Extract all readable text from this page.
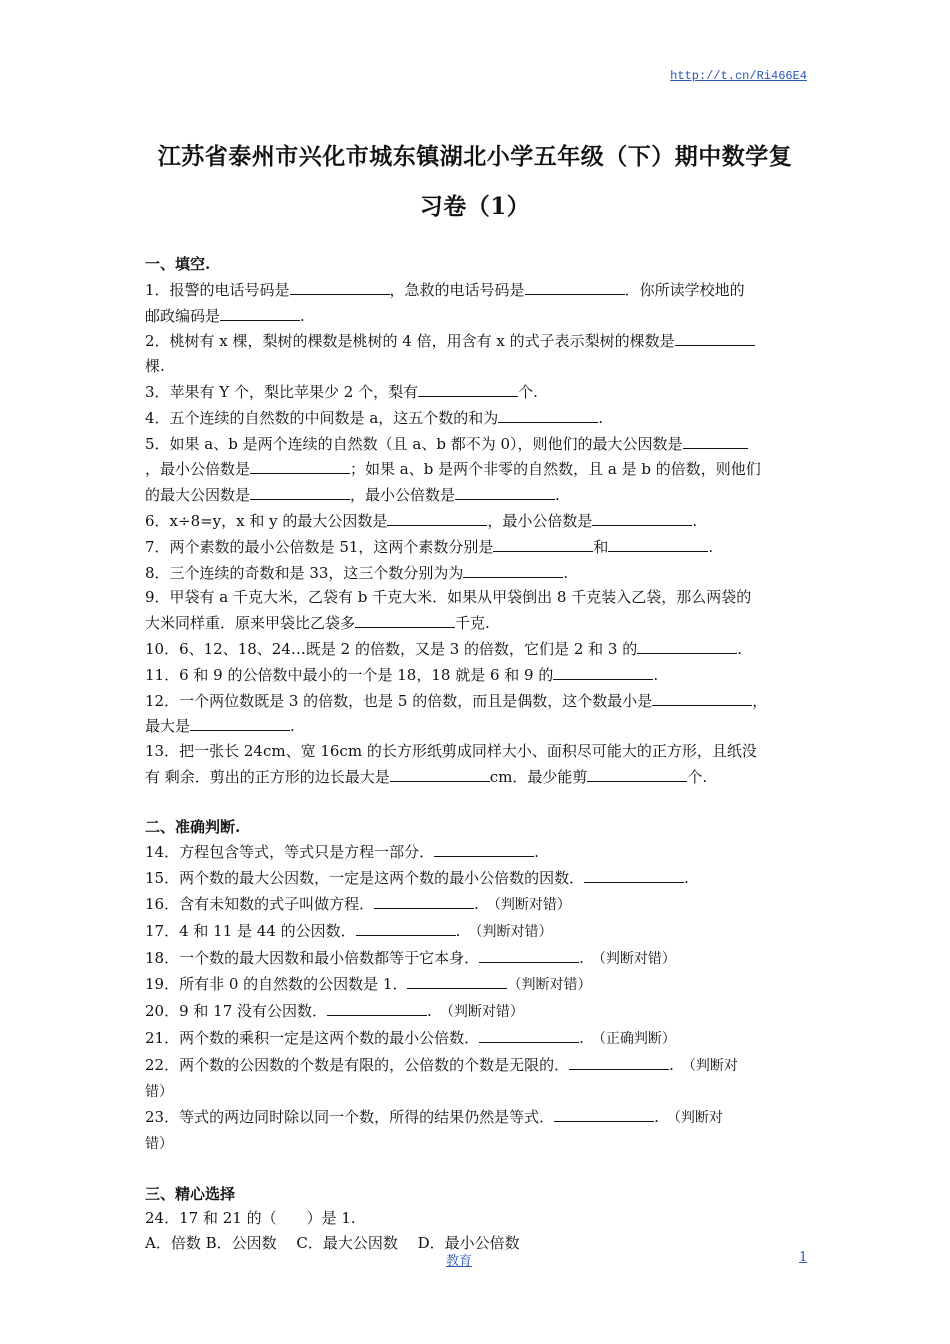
http://t.cn/Ri466E4
江苏省泰州市兴化市城东镇湖北小学五年级（下）期中数学复
习卷（1）
一、填空.
1．报警的电话号码是	，急救的电话号码是	．你所读学校地的
邮政编码是	.
2．桃树有 x 棵，梨树的棵数是桃树的 4 倍，用含有 x 的式子表示梨树的棵数是
棵.
3．苹果有 Y 个，梨比苹果少 2 个，梨有	个.
4．五个连续的自然数的中间数是 a，这五个数的和为	.
5．如果 a、b 是两个连续的自然数（且 a、b 都不为 0），则他们的最大公因数是
，最小公倍数是	；如果 a、b 是两个非零的自然数，且 a 是 b 的倍数，则他们
的最大公因数是	，最小公倍数是	.
6．x÷8=y，x 和 y 的最大公因数是	，最小公倍数是	.
7．两个素数的最小公倍数是 51，这两个素数分别是	和	.
8．三个连续的奇数和是 33，这三个数分别为为	.
9．甲袋有 a 千克大米，乙袋有 b 千克大米．如果从甲袋倒出 8 千克装入乙袋，那么两袋的
大米同样重．原来甲袋比乙袋多	千克.
10．6、12、18、24…既是 2 的倍数，又是 3 的倍数，它们是 2 和 3 的	.
11．6 和 9 的公倍数中最小的一个是 18，18 就是 6 和 9 的	.
12．一个两位数既是 3 的倍数，也是 5 的倍数，而且是偶数，这个数最小是	，
最大是	.
13．把一张长 24cm、宽 16cm 的长方形纸剪成同样大小、面积尽可能大的正方形，且纸没
有 剩余．剪出的正方形的边长最大是	cm．最少能剪	个.
二、准确判断.
14．方程包含等式，等式只是方程一部分．	.
15．两个数的最大公因数，一定是这两个数的最小公倍数的因数．	.
16．含有未知数的式子叫做方程．	.　 （判断对错）
17．4 和 11 是 44 的公因数．	.　 （判断对错）
18．一个数的最大因数和最小倍数都等于它本身．	.　 （判断对错）
19．所有非 0 的自然数的公因数是 1．	（判断对错）
20．9 和 17 没有公因数．	.　 （判断对错）
21．两个数的乘积一定是这两个数的最小公倍数．	.　 （正确判断）
22．两个数的公因数的个数是有限的，公倍数的个数是无限的．	.　 （判断对
错）
23．等式的两边同时除以同一个数，所得的结果仍然是等式．	.　 （判断对
错）
三、精心选择
24．17 和 21 的（　　）是 1.
A．倍数 B．公因数　 C．最大公因数　 D．最小公倍数
教育	1
